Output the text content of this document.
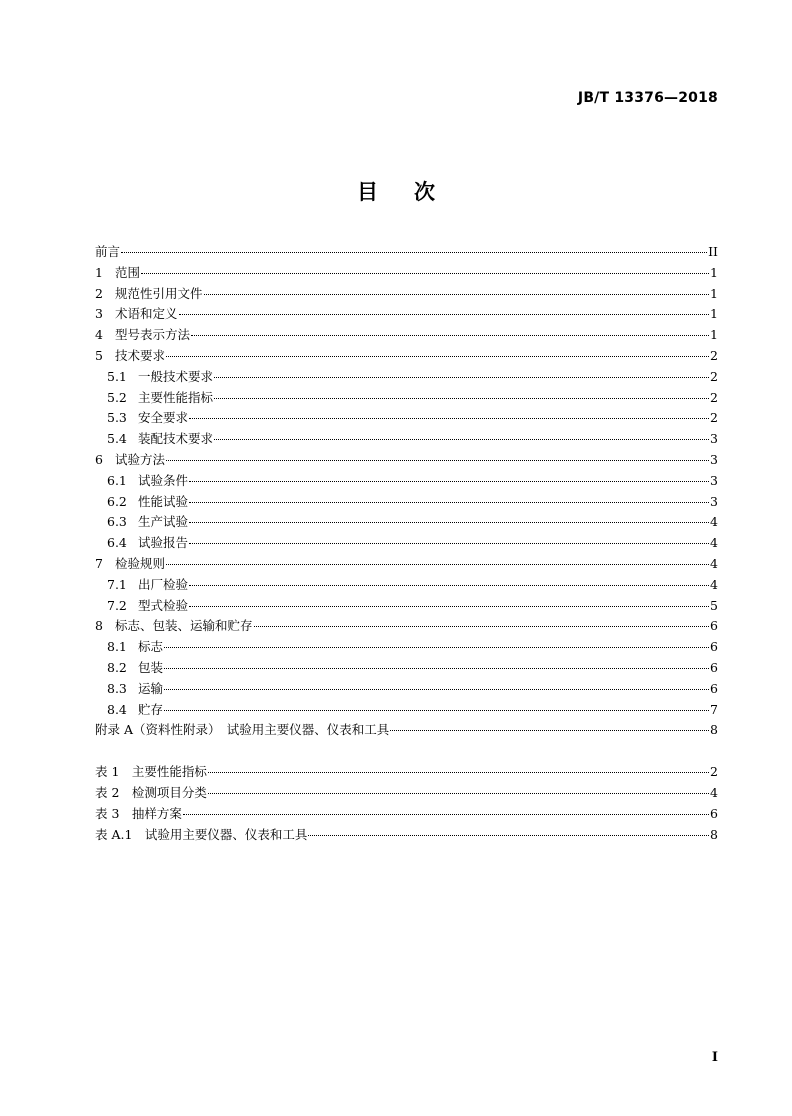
JB/T 13376—2018
目次
前言	II
1 范围	1
2 规范性引用文件	1
3 术语和定义	1
4 型号表示方法	1
5 技术要求	2
5.1 一般技术要求	2
5.2 主要性能指标	2
5.3 安全要求	2
5.4 装配技术要求	3
6 试验方法	3
6.1 试验条件	3
6.2 性能试验	3
6.3 生产试验	4
6.4 试验报告	4
7 检验规则	4
7.1 出厂检验	4
7.2 型式检验	5
8 标志、包装、运输和贮存	6
8.1 标志	6
8.2 包装	6
8.3 运输	6
8.4 贮存	7
附录 A（资料性附录）　试验用主要仪器、仪表和工具	8
表 1　主要性能指标	2
表 2　检测项目分类	4
表 3　抽样方案	6
表 A.1　试验用主要仪器、仪表和工具	8
I
